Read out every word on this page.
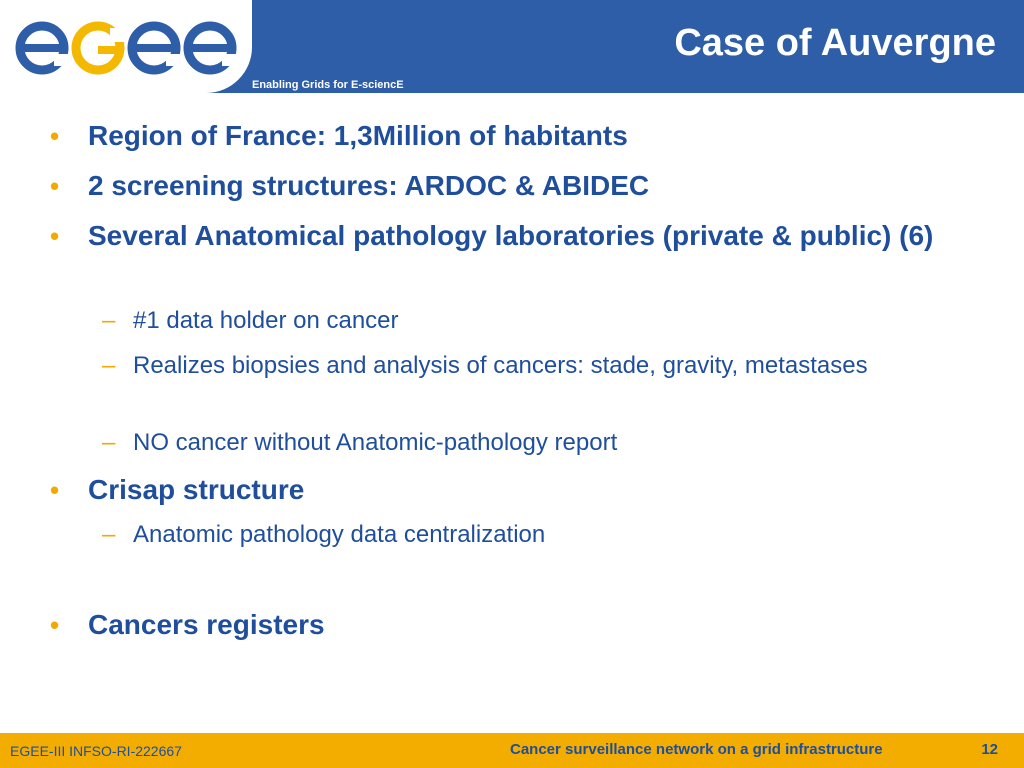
Enabling Grids for E-sciencE
Case of Auvergne
• Region of France: 1,3Million of habitants
• 2 screening structures: ARDOC & ABIDEC
• Several Anatomical pathology laboratories (private & public) (6)
– #1 data holder on cancer
– Realizes biopsies and analysis of cancers: stade, gravity, metastases
– NO cancer without Anatomic-pathology report
• Crisap structure
– Anatomic pathology data centralization
• Cancers registers
EGEE-III INFSO-RI-222667	Cancer surveillance network on a grid infrastructure	12
